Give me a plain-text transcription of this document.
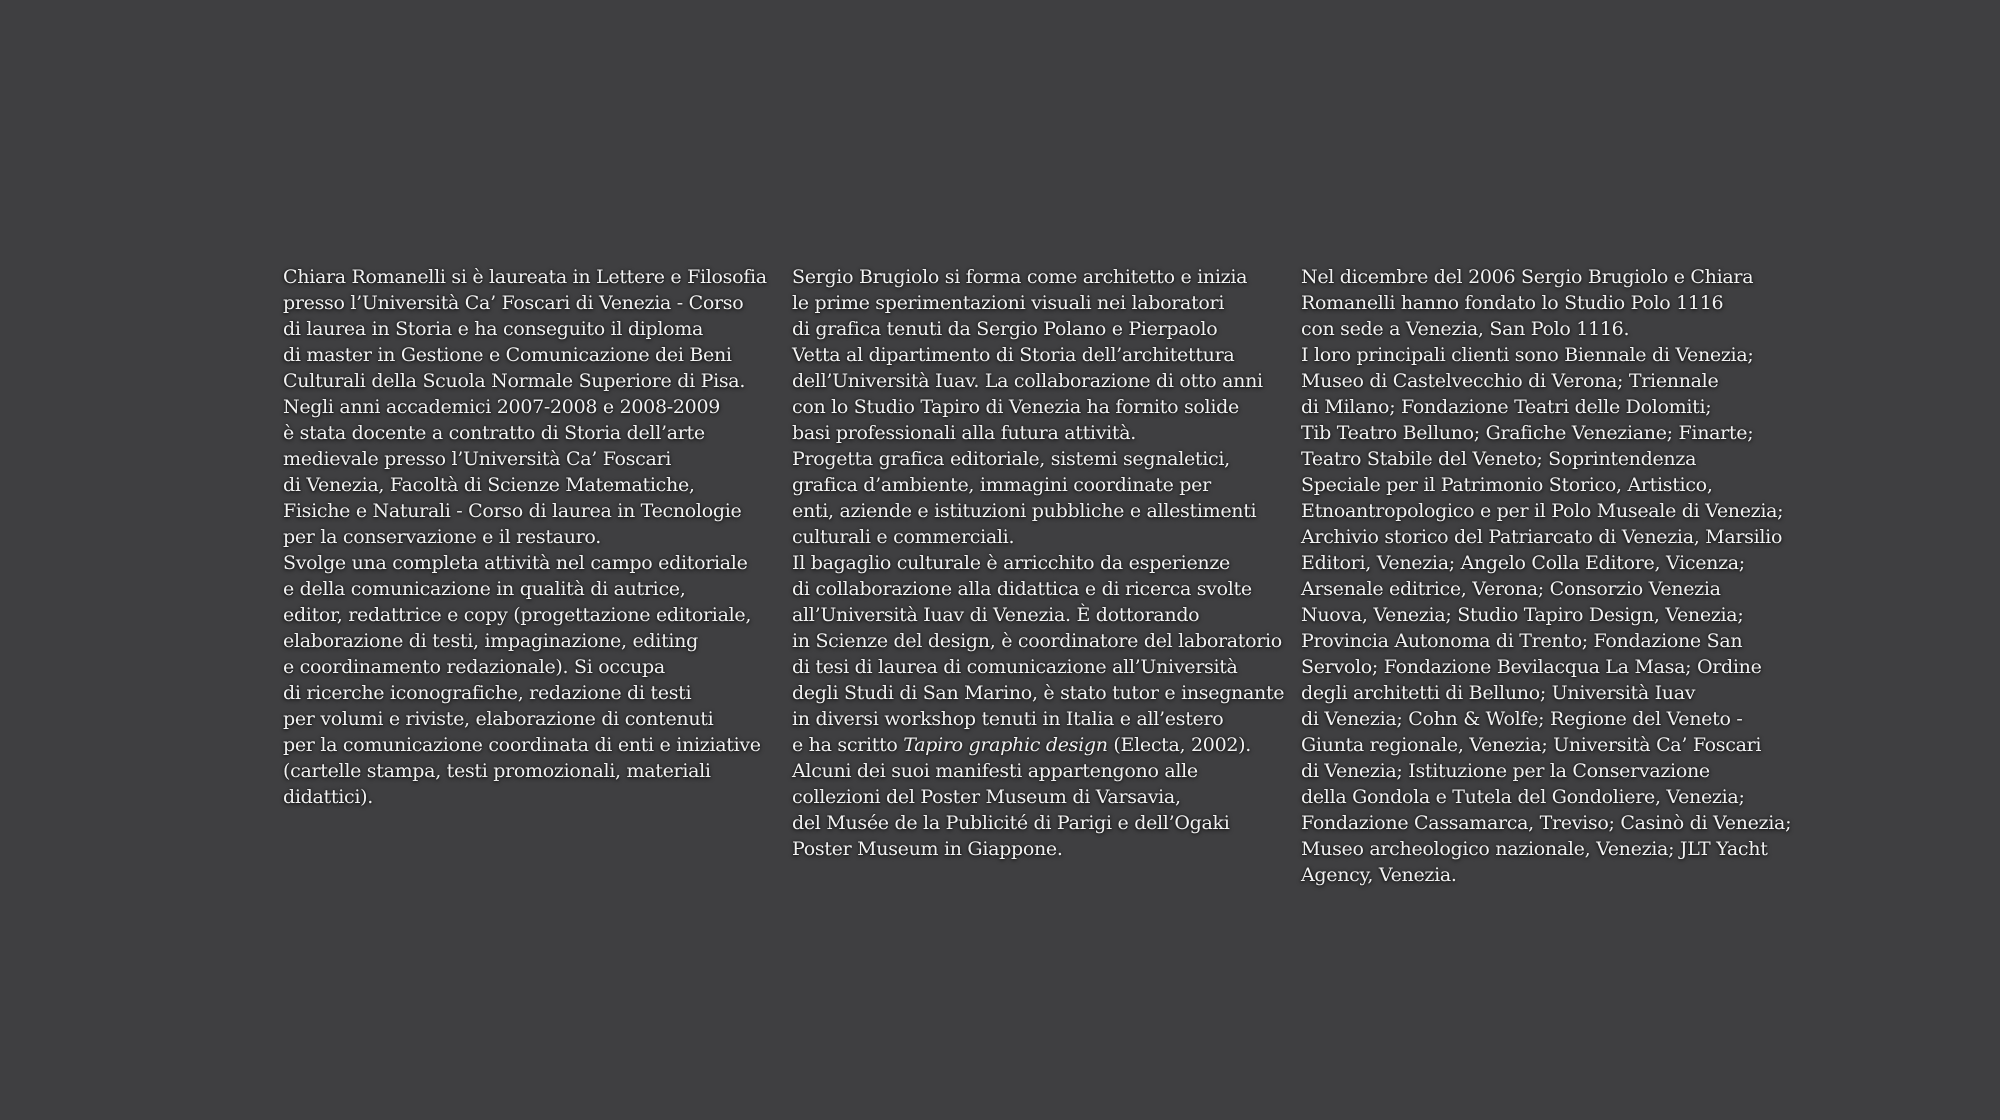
Chiara Romanelli si è laureata in Lettere e Filosofia
presso l’Università Ca’ Foscari di Venezia - Corso
di laurea in Storia e ha conseguito il diploma
di master in Gestione e Comunicazione dei Beni
Culturali della Scuola Normale Superiore di Pisa.
Negli anni accademici 2007-2008 e 2008-2009
è stata docente a contratto di Storia dell’arte
medievale presso l’Università Ca’ Foscari
di Venezia, Facoltà di Scienze Matematiche,
Fisiche e Naturali - Corso di laurea in Tecnologie
per la conservazione e il restauro.
Svolge una completa attività nel campo editoriale
e della comunicazione in qualità di autrice,
editor, redattrice e copy (progettazione editoriale,
elaborazione di testi, impaginazione, editing
e coordinamento redazionale). Si occupa
di ricerche iconografiche, redazione di testi
per volumi e riviste, elaborazione di contenuti
per la comunicazione coordinata di enti e iniziative
(cartelle stampa, testi promozionali, materiali
didattici).
Sergio Brugiolo si forma come architetto e inizia
le prime sperimentazioni visuali nei laboratori
di grafica tenuti da Sergio Polano e Pierpaolo
Vetta al dipartimento di Storia dell’architettura
dell’Università Iuav. La collaborazione di otto anni
con lo Studio Tapiro di Venezia ha fornito solide
basi professionali alla futura attività.
Progetta grafica editoriale, sistemi segnaletici,
grafica d’ambiente, immagini coordinate per
enti, aziende e istituzioni pubbliche e allestimenti
culturali e commerciali.
Il bagaglio culturale è arricchito da esperienze
di collaborazione alla didattica e di ricerca svolte
all’Università Iuav di Venezia. È dottorando
in Scienze del design, è coordinatore del laboratorio
di tesi di laurea di comunicazione all’Università
degli Studi di San Marino, è stato tutor e insegnante
in diversi workshop tenuti in Italia e all’estero
e ha scritto Tapiro graphic design (Electa, 2002).
Alcuni dei suoi manifesti appartengono alle
collezioni del Poster Museum di Varsavia,
del Musée de la Publicité di Parigi e dell’Ogaki
Poster Museum in Giappone.
Nel dicembre del 2006 Sergio Brugiolo e Chiara
Romanelli hanno fondato lo Studio Polo 1116
con sede a Venezia, San Polo 1116.
I loro principali clienti sono Biennale di Venezia;
Museo di Castelvecchio di Verona; Triennale
di Milano; Fondazione Teatri delle Dolomiti;
Tib Teatro Belluno; Grafiche Veneziane; Finarte;
Teatro Stabile del Veneto; Soprintendenza
Speciale per il Patrimonio Storico, Artistico,
Etnoantropologico e per il Polo Museale di Venezia;
Archivio storico del Patriarcato di Venezia, Marsilio
Editori, Venezia; Angelo Colla Editore, Vicenza;
Arsenale editrice, Verona; Consorzio Venezia
Nuova, Venezia; Studio Tapiro Design, Venezia;
Provincia Autonoma di Trento; Fondazione San
Servolo; Fondazione Bevilacqua La Masa; Ordine
degli architetti di Belluno; Università Iuav
di Venezia; Cohn & Wolfe; Regione del Veneto -
Giunta regionale, Venezia; Università Ca’ Foscari
di Venezia; Istituzione per la Conservazione
della Gondola e Tutela del Gondoliere, Venezia;
Fondazione Cassamarca, Treviso; Casinò di Venezia;
Museo archeologico nazionale, Venezia; JLT Yacht
Agency, Venezia.
